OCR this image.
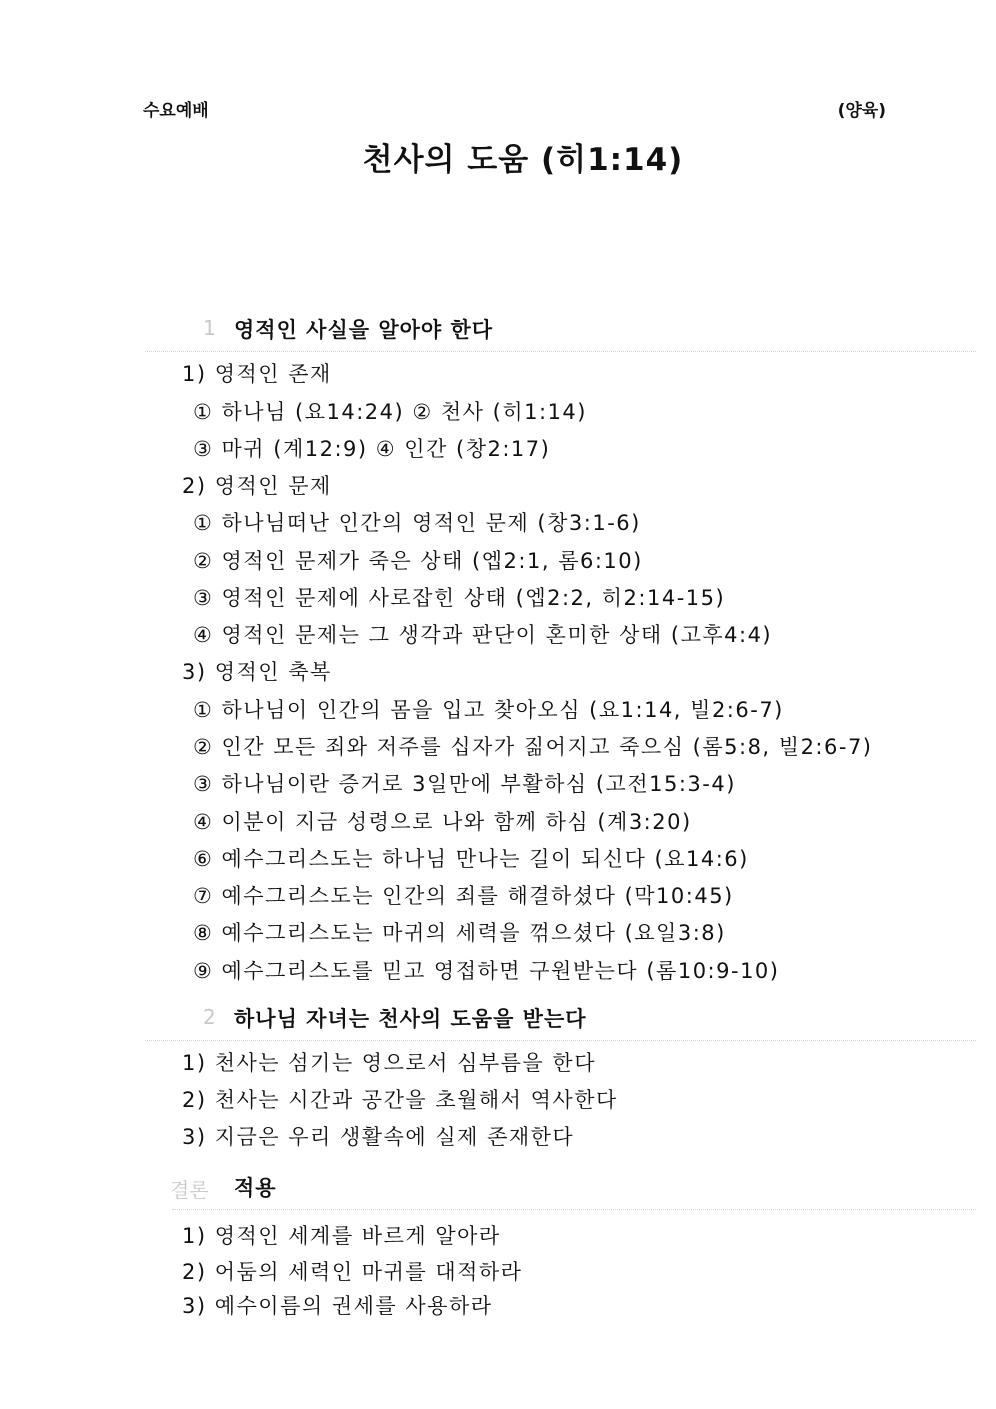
수요예배	(양육)
천사의 도움 (히1:14)
1 영적인 사실을 알아야 한다
1) 영적인 존재
① 하나님 (요14:24) ② 천사 (히1:14)
③ 마귀 (계12:9) ④ 인간 (창2:17)
2) 영적인 문제
① 하나님떠난 인간의 영적인 문제 (창3:1-6)
② 영적인 문제가 죽은 상태 (엡2:1, 롬6:10)
③ 영적인 문제에 사로잡힌 상태 (엡2:2, 히2:14-15)
④ 영적인 문제는 그 생각과 판단이 혼미한 상태 (고후4:4)
3) 영적인 축복
① 하나님이 인간의 몸을 입고 찾아오심 (요1:14, 빌2:6-7)
② 인간 모든 죄와 저주를 십자가 짊어지고 죽으심 (롬5:8, 빌2:6-7)
③ 하나님이란 증거로 3일만에 부활하심 (고전15:3-4)
④ 이분이 지금 성령으로 나와 함께 하심 (계3:20)
⑥ 예수그리스도는 하나님 만나는 길이 되신다 (요14:6)
⑦ 예수그리스도는 인간의 죄를 해결하셨다 (막10:45)
⑧ 예수그리스도는 마귀의 세력을 꺾으셨다 (요일3:8)
⑨ 예수그리스도를 믿고 영접하면 구원받는다 (롬10:9-10)
2 하나님 자녀는 천사의 도움을 받는다
1) 천사는 섬기는 영으로서 심부름을 한다
2) 천사는 시간과 공간을 초월해서 역사한다
3) 지금은 우리 생활속에 실제 존재한다
결론 적용
1) 영적인 세계를 바르게 알아라
2) 어둠의 세력인 마귀를 대적하라
3) 예수이름의 권세를 사용하라
